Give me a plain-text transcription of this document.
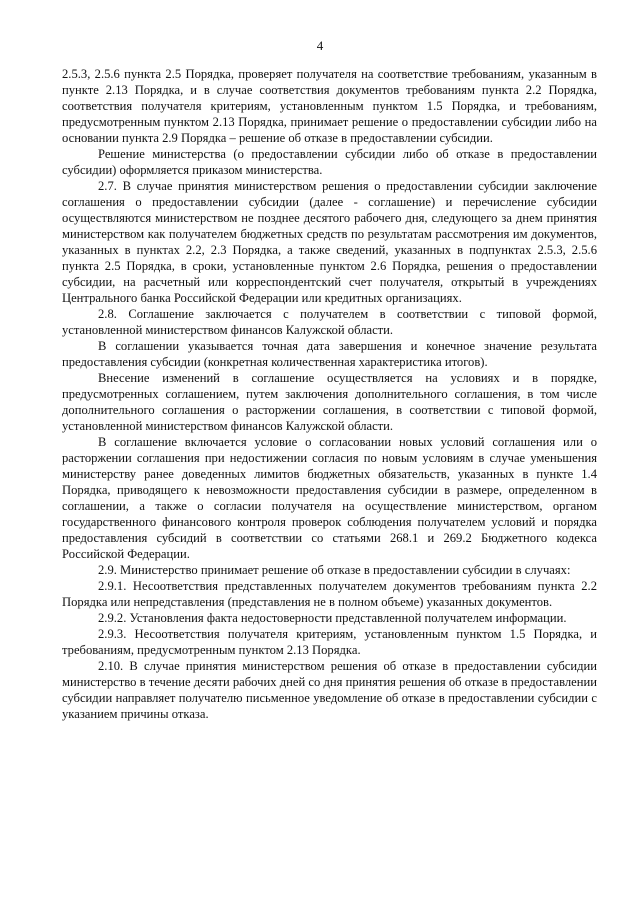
4

2.5.3, 2.5.6 пункта 2.5 Порядка, проверяет получателя на соответствие требованиям, указанным в пункте 2.13 Порядка, и в случае соответствия документов требованиям пункта 2.2 Порядка, соответствия получателя критериям, установленным пунктом 1.5 Порядка, и требованиям, предусмотренным пунктом 2.13 Порядка, принимает решение о предоставлении субсидии либо на основании пункта 2.9 Порядка – решение об отказе в предоставлении субсидии.

Решение министерства (о предоставлении субсидии либо об отказе в предоставлении субсидии) оформляется приказом министерства.

2.7. В случае принятия министерством решения о предоставлении субсидии заключение соглашения о предоставлении субсидии (далее - соглашение) и перечисление субсидии осуществляются министерством не позднее десятого рабочего дня, следующего за днем принятия министерством как получателем бюджетных средств по результатам рассмотрения им документов, указанных в пунктах 2.2, 2.3 Порядка, а также сведений, указанных в подпунктах 2.5.3, 2.5.6 пункта 2.5 Порядка, в сроки, установленные пунктом 2.6 Порядка, решения о предоставлении субсидии, на расчетный или корреспондентский счет получателя, открытый в учреждениях Центрального банка Российской Федерации или кредитных организациях.

2.8. Соглашение заключается с получателем в соответствии с типовой формой, установленной министерством финансов Калужской области.

В соглашении указывается точная дата завершения и конечное значение результата предоставления субсидии (конкретная количественная характеристика итогов).

Внесение изменений в соглашение осуществляется на условиях и в порядке, предусмотренных соглашением, путем заключения дополнительного соглашения, в том числе дополнительного соглашения о расторжении соглашения, в соответствии с типовой формой, установленной министерством финансов Калужской области.

В соглашение включается условие о согласовании новых условий соглашения или о расторжении соглашения при недостижении согласия по новым условиям в случае уменьшения министерству ранее доведенных лимитов бюджетных обязательств, указанных в пункте 1.4 Порядка, приводящего к невозможности предоставления субсидии в размере, определенном в соглашении, а также о согласии получателя на осуществление министерством, органом государственного финансового контроля проверок соблюдения получателем условий и порядка предоставления субсидий в соответствии со статьями 268.1 и 269.2 Бюджетного кодекса Российской Федерации.

2.9. Министерство принимает решение об отказе в предоставлении субсидии в случаях:

2.9.1. Несоответствия представленных получателем документов требованиям пункта 2.2 Порядка или непредставления (представления не в полном объеме) указанных документов.

2.9.2. Установления факта недостоверности представленной получателем информации.

2.9.3. Несоответствия получателя критериям, установленным пунктом 1.5 Порядка, и требованиям, предусмотренным пунктом 2.13 Порядка.

2.10. В случае принятия министерством решения об отказе в предоставлении субсидии министерство в течение десяти рабочих дней со дня принятия решения об отказе в предоставлении субсидии направляет получателю письменное уведомление об отказе в предоставлении субсидии с указанием причины отказа.
